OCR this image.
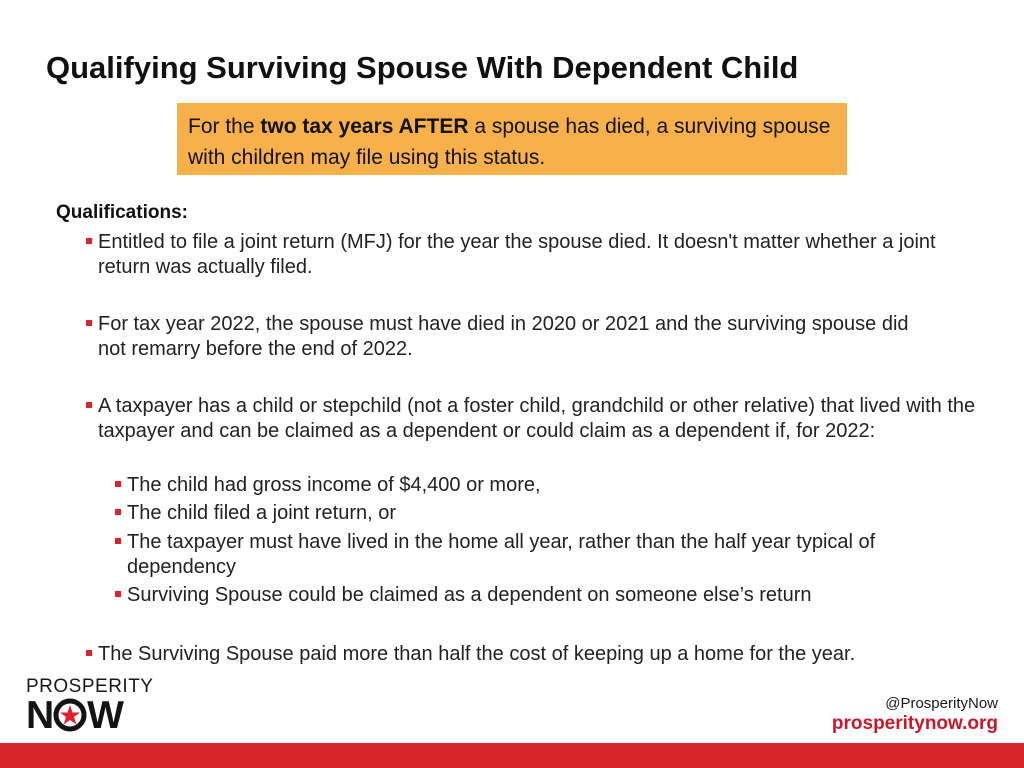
Qualifying Surviving Spouse With Dependent Child
For the two tax years AFTER a spouse has died, a surviving spouse with children may file using this status.
Qualifications:
Entitled to file a joint return (MFJ) for the year the spouse died. It doesn't matter whether a joint return was actually filed.
For tax year 2022, the spouse must have died in 2020 or 2021 and the surviving spouse did not remarry before the end of 2022.
A taxpayer has a child or stepchild (not a foster child, grandchild or other relative) that lived with the taxpayer and can be claimed as a dependent or could claim as a dependent if, for 2022:
The child had gross income of $4,400 or more,
The child filed a joint return, or
The taxpayer must have lived in the home all year, rather than the half year typical of dependency
Surviving Spouse could be claimed as a dependent on someone else’s return
The Surviving Spouse paid more than half the cost of keeping up a home for the year.
PROSPERITY
N W	@ProsperityNow
prosperitynow.org
